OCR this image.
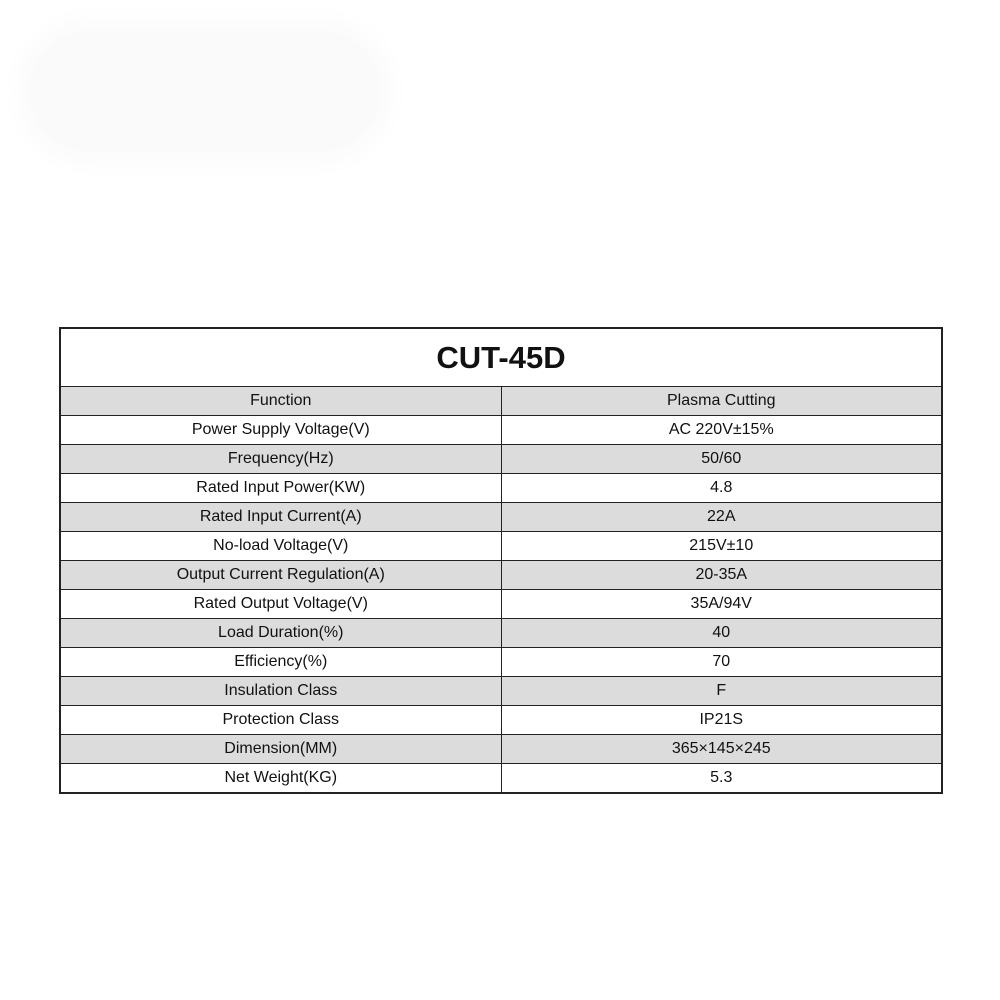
CUT-45D	
Function	Plasma Cutting
Power Supply Voltage(V)	AC 220V±15%
Frequency(Hz)	50/60
Rated Input Power(KW)	4.8
Rated Input Current(A)	22A
No-load Voltage(V)	215V±10
Output Current Regulation(A)	20-35A
Rated Output Voltage(V)	35A/94V
Load Duration(%)	40
Efficiency(%)	70
Insulation Class	F
Protection Class	IP21S
Dimension(MM)	365×145×245
Net Weight(KG)	5.3
